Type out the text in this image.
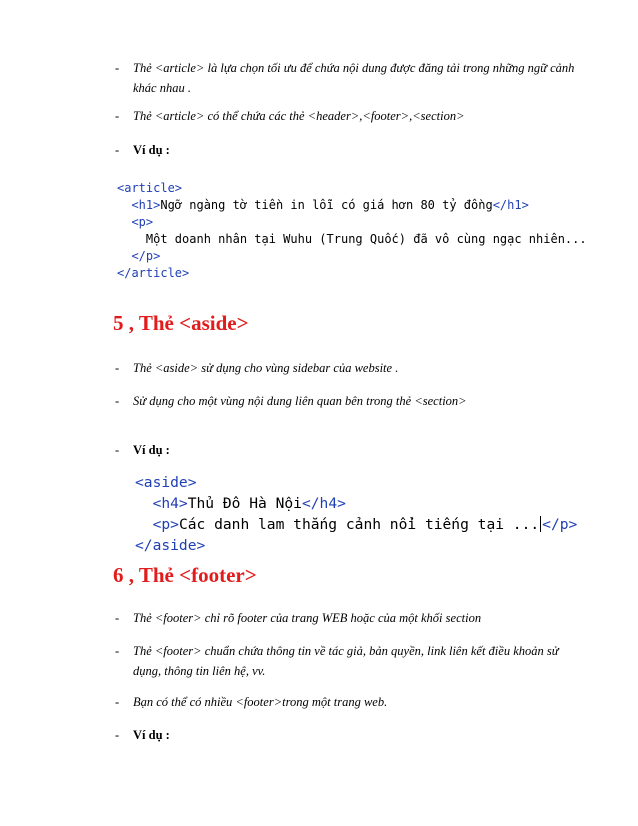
- Thẻ <article> là lựa chọn tối ưu để chứa nội dung được đăng tải trong những ngữ cảnh khác nhau .
- Thẻ <article> có thể chứa các thẻ <header>,<footer>,<section>
- Ví dụ :
<article>
<h1>Ngỡ ngàng tờ tiền in lỗi có giá hơn 80 tỷ đồng</h1>
<p>
Một doanh nhân tại Wuhu (Trung Quốc) đã vô cùng ngạc nhiên...
</p>
</article>
5 , Thẻ <aside>
- Thẻ <aside> sử dụng cho vùng sidebar của website .
- Sử dụng cho một vùng nội dung liên quan bên trong thẻ <section>
- Ví dụ :
<aside>
<h4>Thủ Đô Hà Nội</h4>
<p>Các danh lam thắng cảnh nổi tiếng tại ... </p>
</aside>
6 , Thẻ <footer>
- Thẻ <footer> chỉ rõ footer của trang WEB hoặc của một khối section
- Thẻ <footer> chuẩn chứa thông tin về tác giả, bản quyền, link liên kết điều khoản sử dụng, thông tin liên hệ, vv.
- Bạn có thể có nhiều <footer>trong một trang web.
- Ví dụ :
